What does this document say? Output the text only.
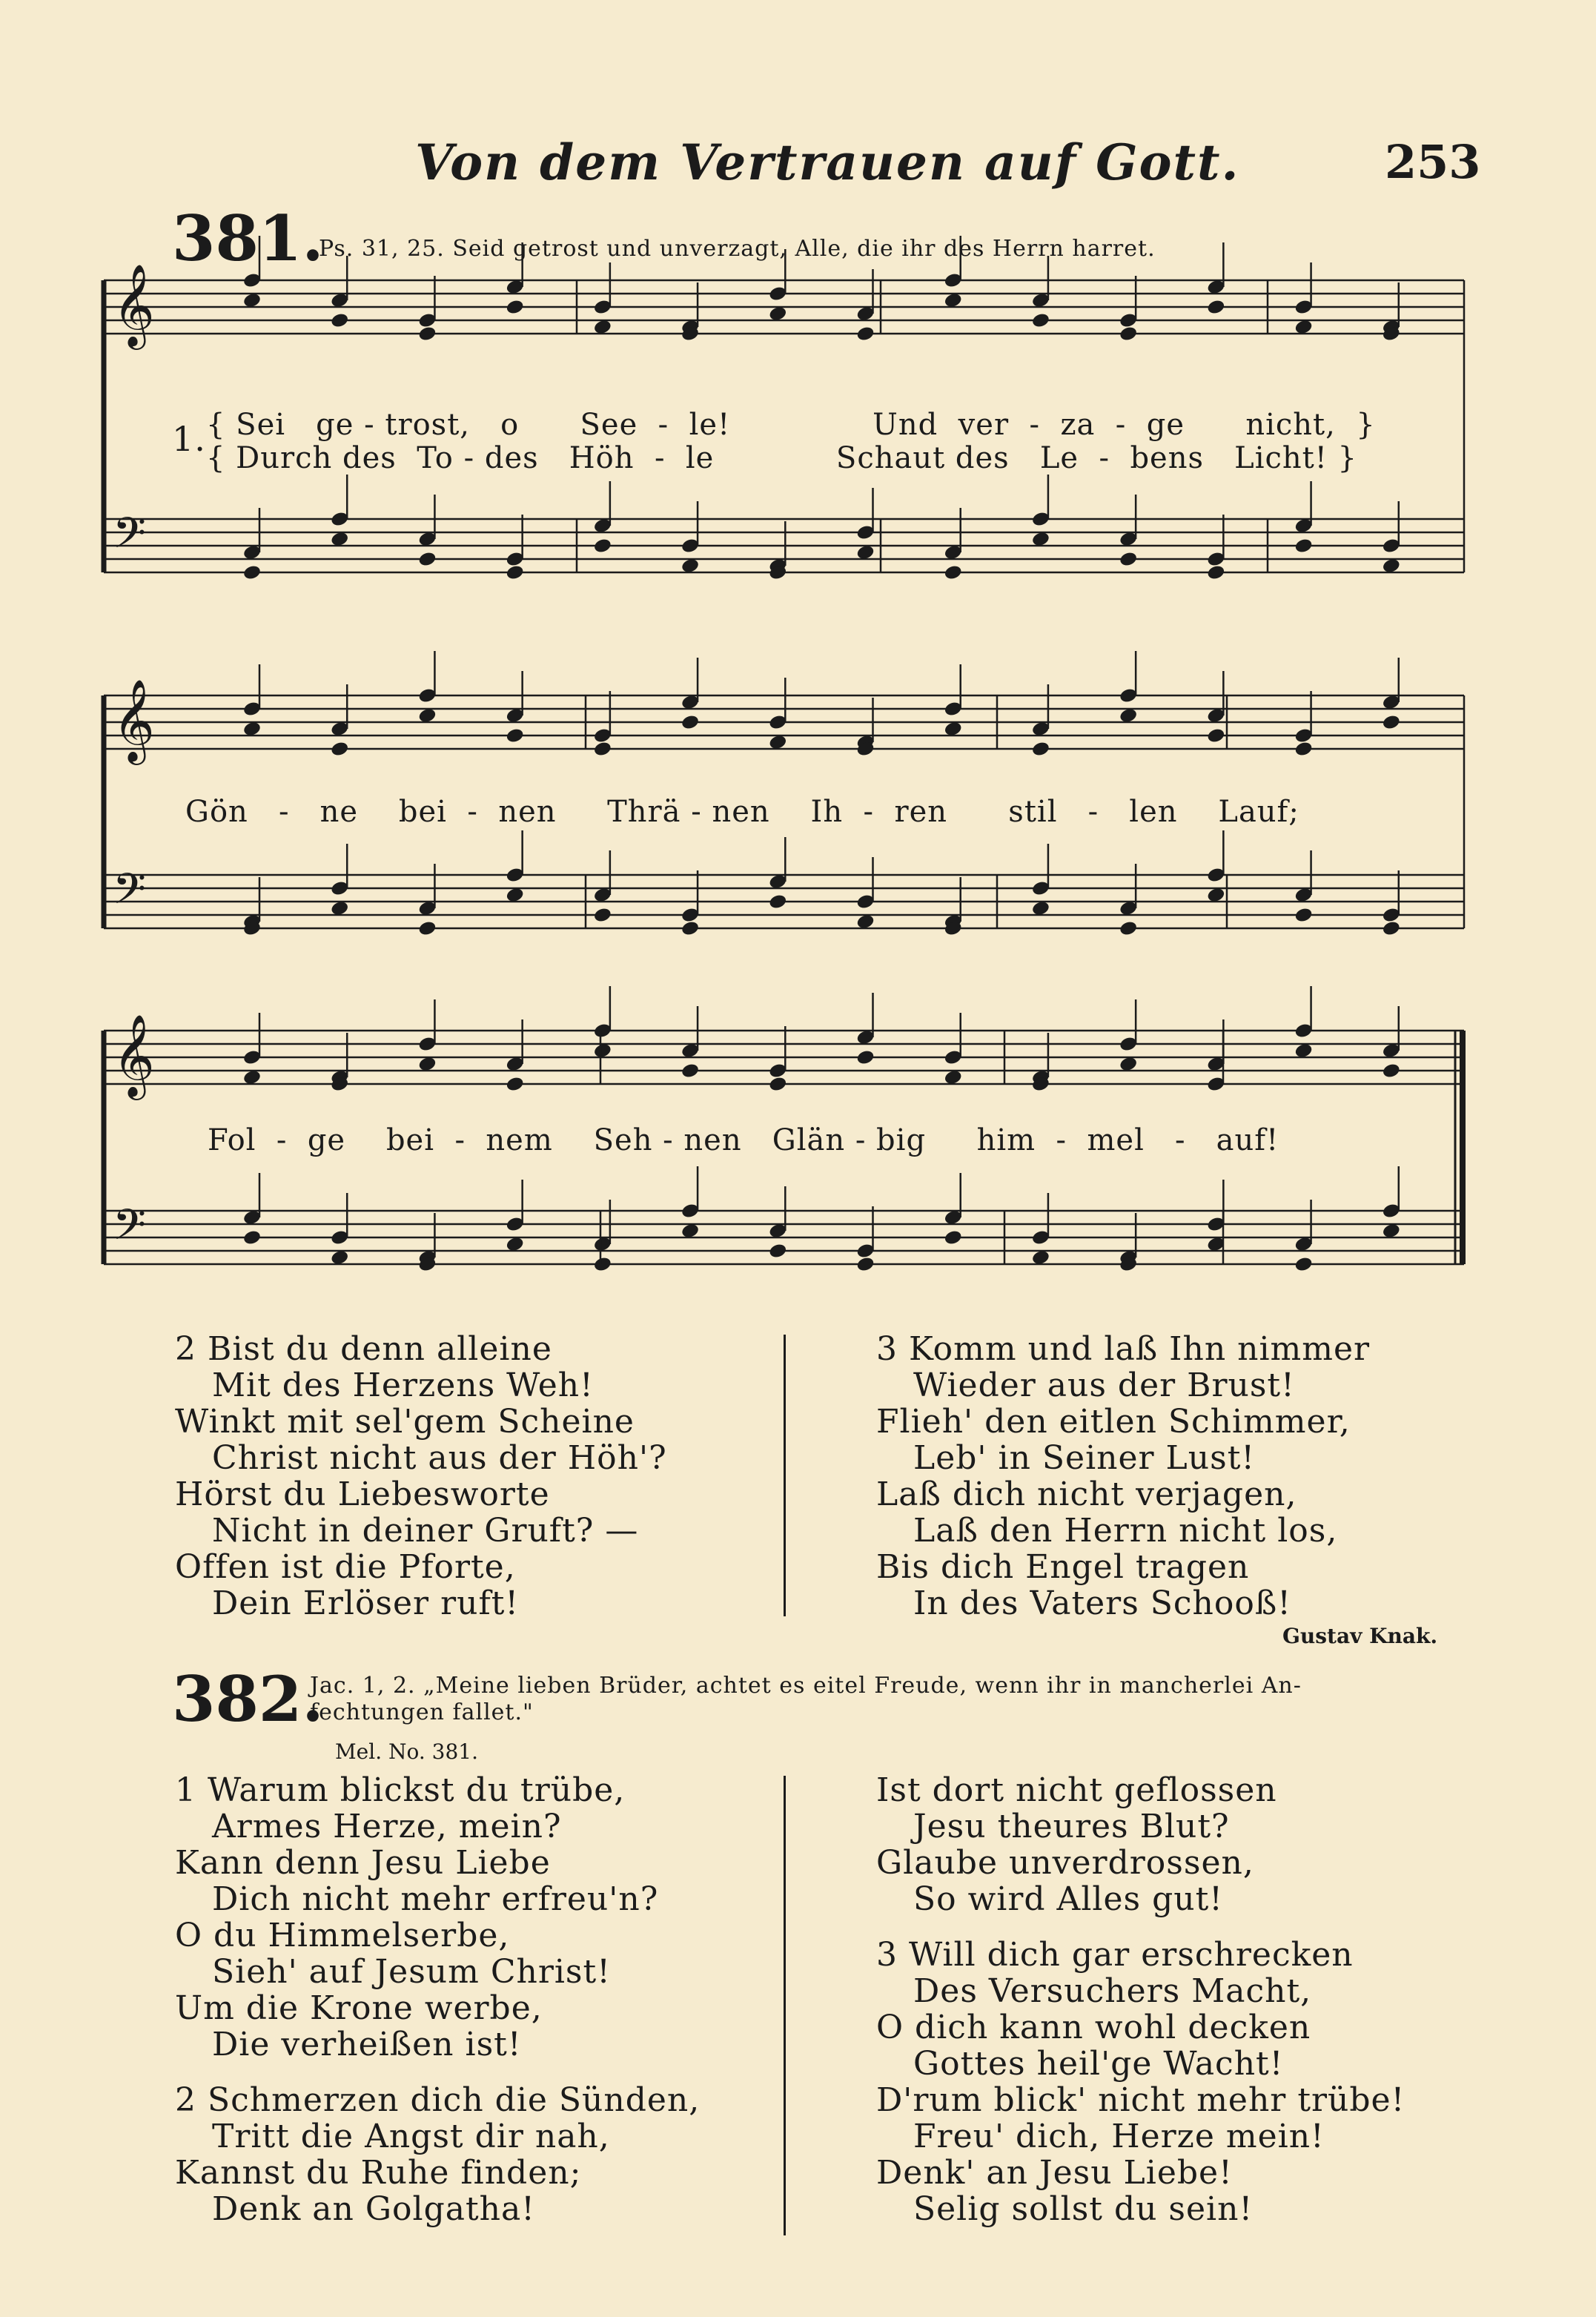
Von dem Vertrauen auf Gott.	253
381.
Ps. 31, 25. Seid getrost und unverzagt, Alle, die ihr des Herrn harret.
𝄞
𝄢
𝄞
𝄢
𝄞
𝄢
1. { Sei   ge - trost,   o      See  -  le!              Und  ver  -  za  -  ge      nicht,  }
{ Durch des  To - des   Höh  -  le            Schaut des   Le  -  bens   Licht! }
Gön   -   ne    bei  -  nen     Thrä - nen    Ih  -  ren      stil   -   len    Lauf;
Fol  -  ge    bei  -  nem    Seh - nen   Glän - big     him  -  mel   -   auf!
2 Bist du denn alleine
Mit des Herzens Weh!
Winkt mit sel'gem Scheine
Christ nicht aus der Höh'?
Hörst du Liebesworte
Nicht in deiner Gruft? —
Offen ist die Pforte,
Dein Erlöser ruft!
3 Komm und laß Ihn nimmer
Wieder aus der Brust!
Flieh' den eitlen Schimmer,
Leb' in Seiner Lust!
Laß dich nicht verjagen,
Laß den Herrn nicht los,
Bis dich Engel tragen
In des Vaters Schooß!
Gustav Knak.
382.
Jac. 1, 2. „Meine lieben Brüder, achtet es eitel Freude, wenn ihr in mancherlei An-
fechtungen fallet."
Mel. No. 381.
1 Warum blickst du trübe,
Armes Herze, mein?
Kann denn Jesu Liebe
Dich nicht mehr erfreu'n?
O du Himmelserbe,
Sieh' auf Jesum Christ!
Um die Krone werbe,
Die verheißen ist!
2 Schmerzen dich die Sünden,
Tritt die Angst dir nah,
Kannst du Ruhe finden;
Denk an Golgatha!
Ist dort nicht geflossen
Jesu theures Blut?
Glaube unverdrossen,
So wird Alles gut!
3 Will dich gar erschrecken
Des Versuchers Macht,
O dich kann wohl decken
Gottes heil'ge Wacht!
D'rum blick' nicht mehr trübe!
Freu' dich, Herze mein!
Denk' an Jesu Liebe!
Selig sollst du sein!
